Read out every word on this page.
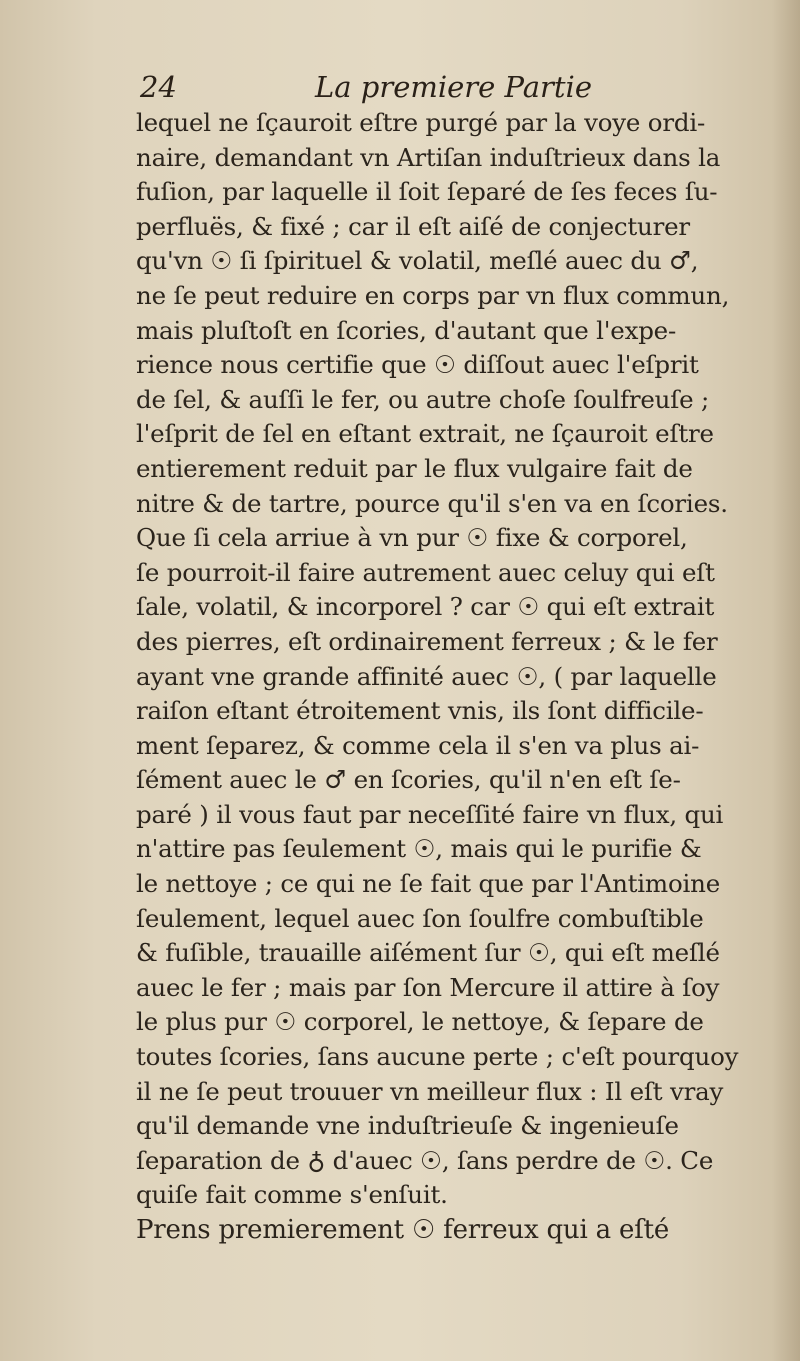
24	La premiere Partie
lequel ne ſçauroit eſtre purgé par la voye ordi-
naire, demandant vn Artiſan induſtrieux dans la
fuſion, par laquelle il ſoit ſeparé de ſes feces ſu-
perfluës, & fixé ; car il eſt aiſé de conjecturer
qu'vn ☉ ſi ſpirituel & volatil, meſlé auec du ♂,
ne ſe peut reduire en corps par vn flux commun,
mais pluſtoſt en ſcories, d'autant que l'expe-
rience nous certifie que ☉ diſſout auec l'eſprit
de ſel, & auſſi le fer, ou autre choſe ſoulfreuſe ;
l'eſprit de ſel en eſtant extrait, ne ſçauroit eſtre
entierement reduit par le flux vulgaire fait de
nitre & de tartre, pource qu'il s'en va en ſcories.
Que ſi cela arriue à vn pur ☉ fixe & corporel,
ſe pourroit-il faire autrement auec celuy qui eſt
ſale, volatil, & incorporel ? car ☉ qui eſt extrait
des pierres, eſt ordinairement ferreux ; & le fer
ayant vne grande affinité auec ☉, ( par laquelle
raiſon eſtant étroitement vnis, ils ſont difficile-
ment ſeparez, & comme cela il s'en va plus ai-
ſément auec le ♂ en ſcories, qu'il n'en eſt ſe-
paré ) il vous faut par neceſſité faire vn flux, qui
n'attire pas ſeulement ☉, mais qui le purifie &
le nettoye ; ce qui ne ſe fait que par l'Antimoine
ſeulement, lequel auec ſon ſoulfre combuſtible
& fuſible, trauaille aiſément ſur ☉, qui eſt meſlé
auec le fer ; mais par ſon Mercure il attire à ſoy
le plus pur ☉ corporel, le nettoye, & ſepare de
toutes ſcories, ſans aucune perte ; c'eſt pourquoy
il ne ſe peut trouuer vn meilleur flux : Il eſt vray
qu'il demande vne induſtrieuſe & ingenieuſe
ſeparation de ♁ d'auec ☉, ſans perdre de ☉. Ce
quiſe fait comme s'enſuit.
Prens premierement ☉ ferreux qui a eſté
